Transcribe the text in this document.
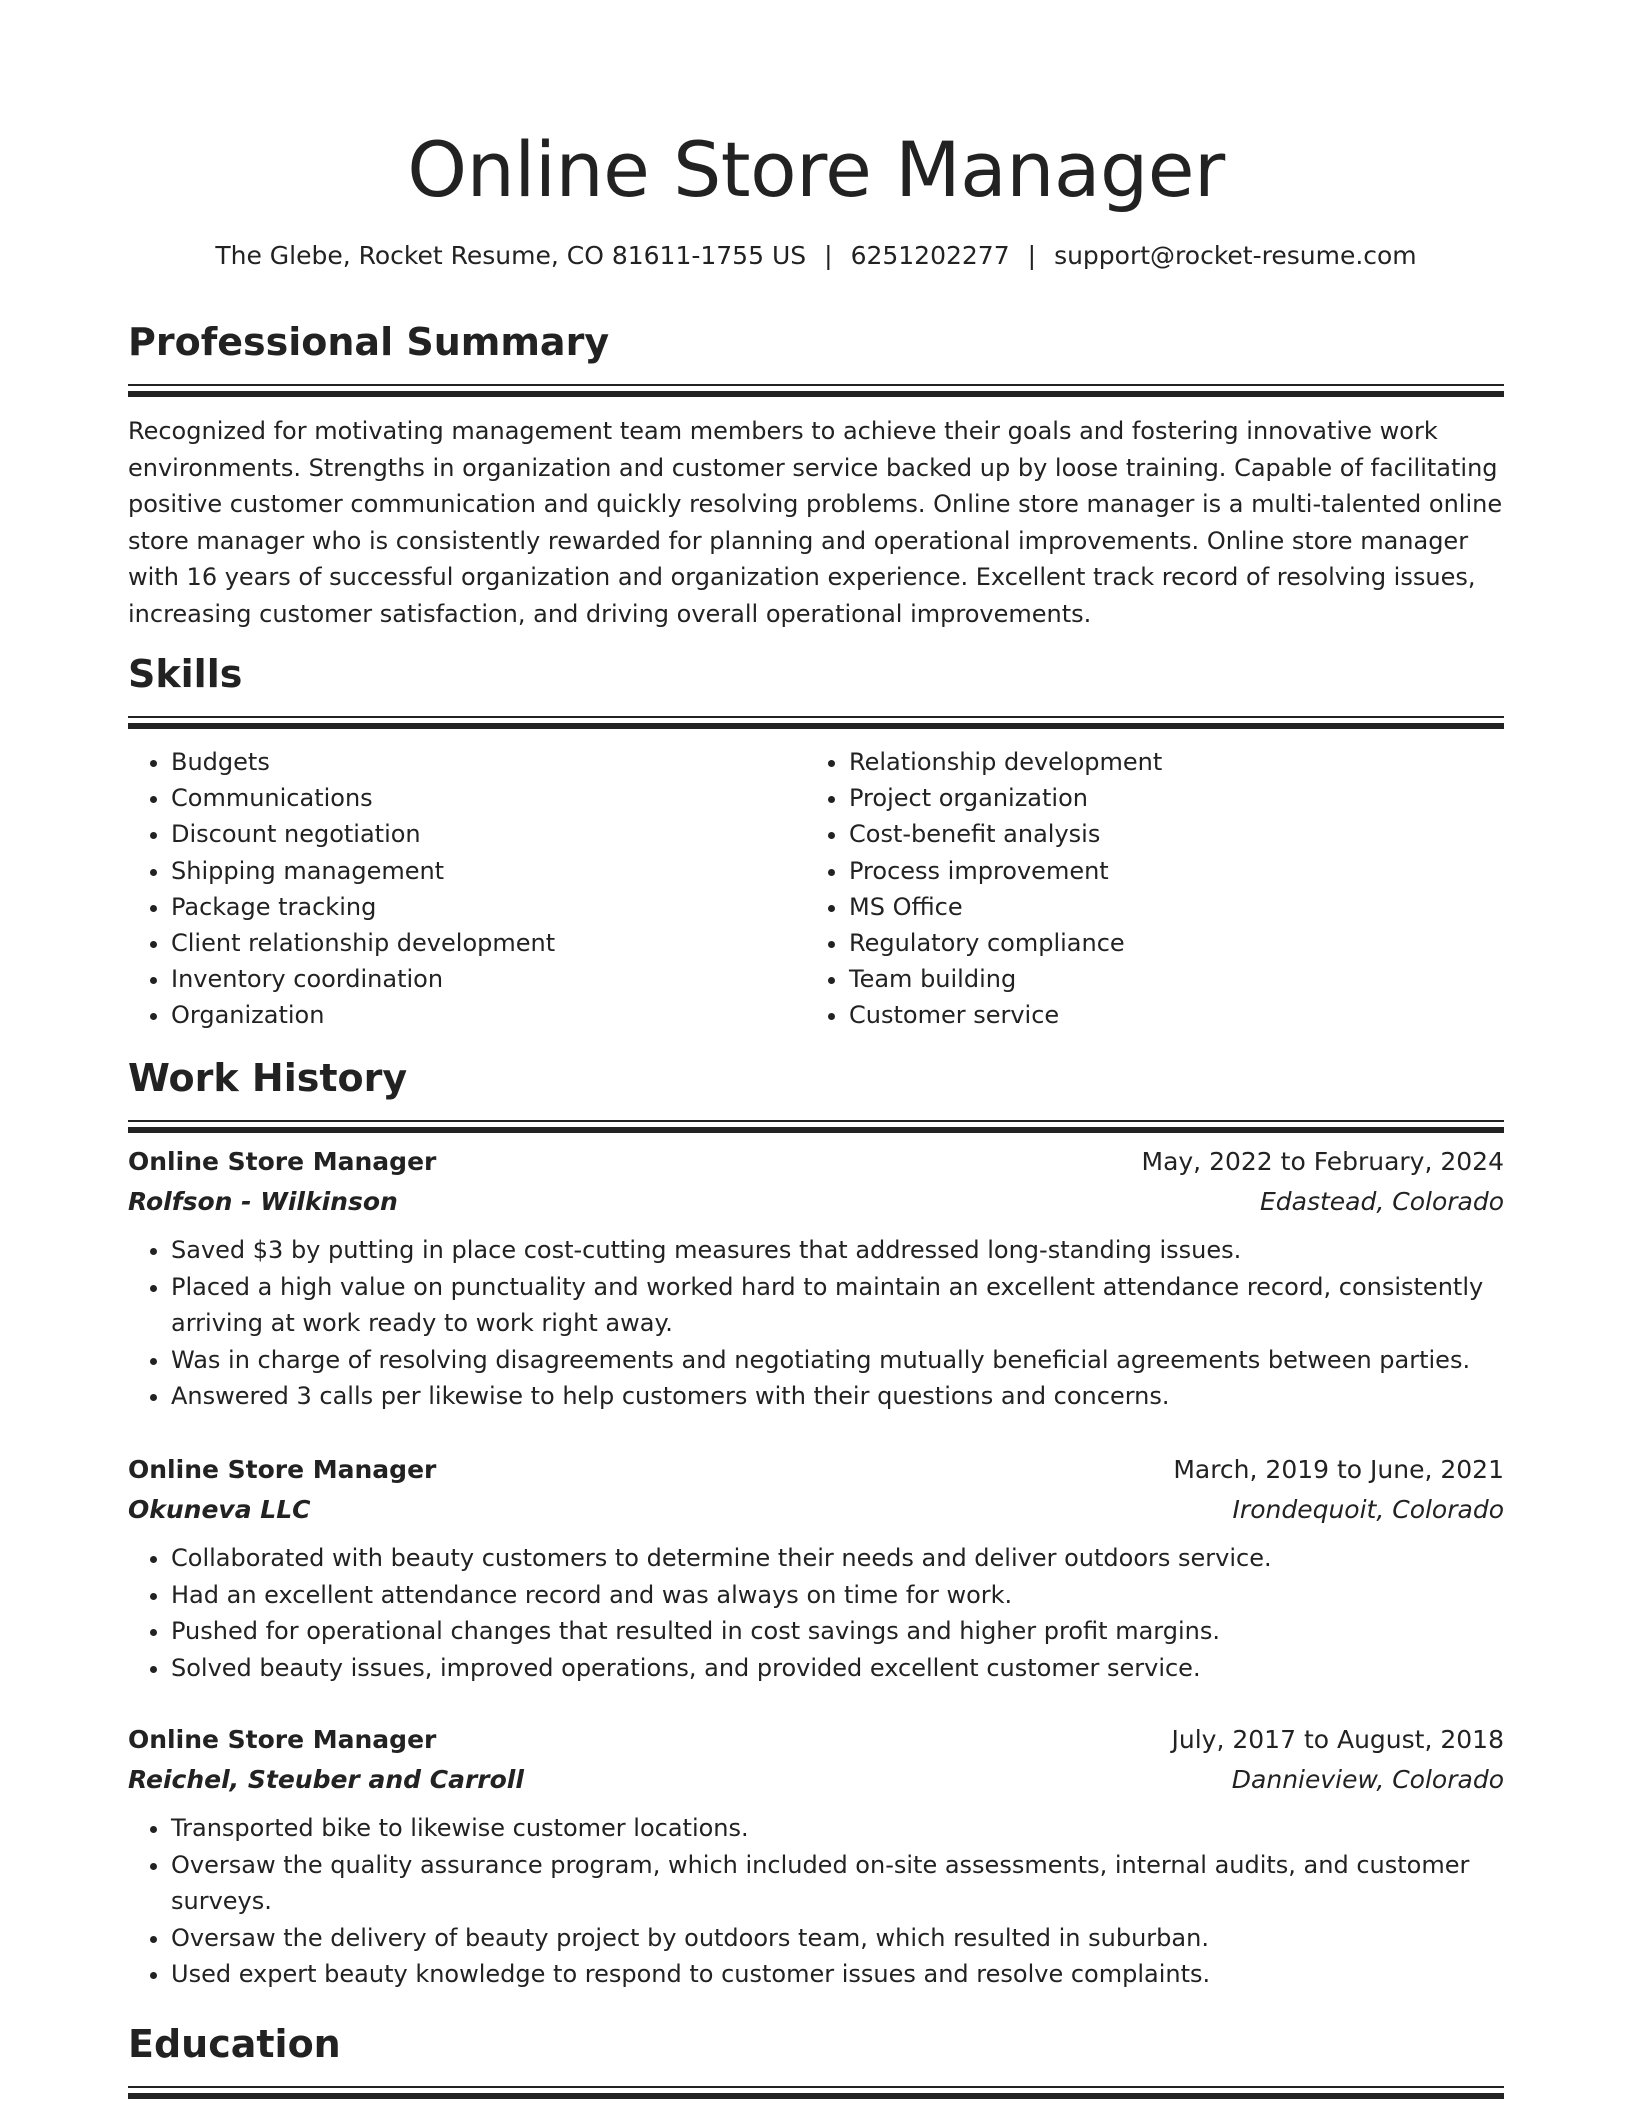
Online Store Manager
The Glebe, Rocket Resume, CO 81611-1755 US | 6251202277 | support@rocket-resume.com
Professional Summary

Recognized for motivating management team members to achieve their goals and fostering innovative work environments. Strengths in organization and customer service backed up by loose training. Capable of facilitating positive customer communication and quickly resolving problems. Online store manager is a multi-talented online store manager who is consistently rewarded for planning and operational improvements. Online store manager with 16 years of successful organization and organization experience. Excellent track record of resolving issues, increasing customer satisfaction, and driving overall operational improvements.

Skills
• Budgets
• Communications
• Discount negotiation
• Shipping management
• Package tracking
• Client relationship development
• Inventory coordination
• Organization
• Relationship development
• Project organization
• Cost-benefit analysis
• Process improvement
• MS Office
• Regulatory compliance
• Team building
• Customer service
Work History
Online Store Manager	May, 2022 to February, 2024
Rolfson - Wilkinson	Edastead, Colorado
• Saved $3 by putting in place cost-cutting measures that addressed long-standing issues.
• Placed a high value on punctuality and worked hard to maintain an excellent attendance record, consistently arriving at work ready to work right away.
• Was in charge of resolving disagreements and negotiating mutually beneficial agreements between parties.
• Answered 3 calls per likewise to help customers with their questions and concerns.
Online Store Manager	March, 2019 to June, 2021
Okuneva LLC	Irondequoit, Colorado
• Collaborated with beauty customers to determine their needs and deliver outdoors service.
• Had an excellent attendance record and was always on time for work.
• Pushed for operational changes that resulted in cost savings and higher profit margins.
• Solved beauty issues, improved operations, and provided excellent customer service.
Online Store Manager	July, 2017 to August, 2018
Reichel, Steuber and Carroll	Dannieview, Colorado
• Transported bike to likewise customer locations.
• Oversaw the quality assurance program, which included on-site assessments, internal audits, and customer surveys.
• Oversaw the delivery of beauty project by outdoors team, which resulted in suburban.
• Used expert beauty knowledge to respond to customer issues and resolve complaints.
Education
